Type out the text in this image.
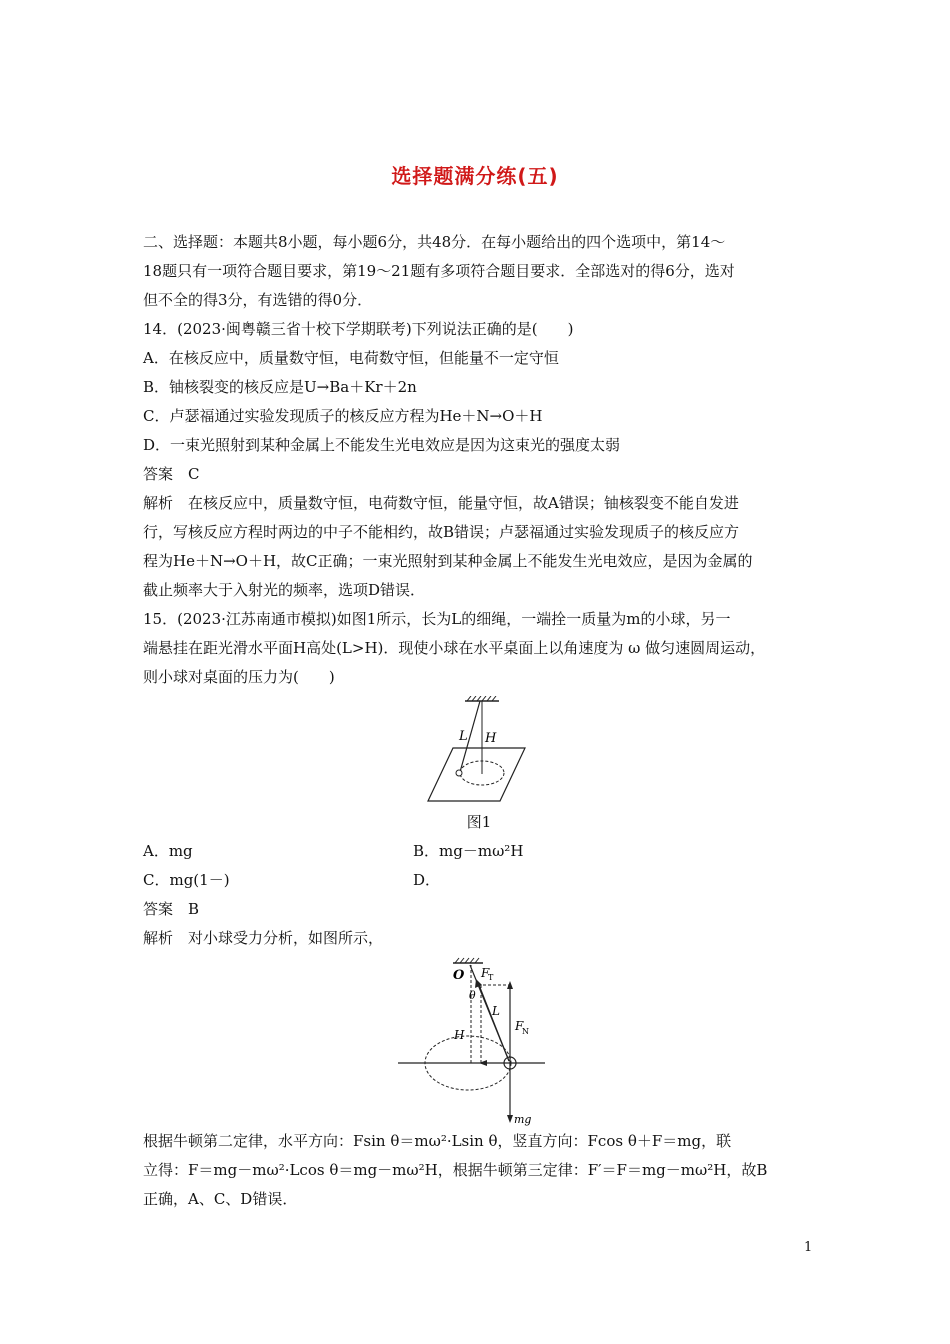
选择题满分练(五)

二、选择题：本题共8小题，每小题6分，共48分．在每小题给出的四个选项中，第14～

18题只有一项符合题目要求，第19～21题有多项符合题目要求．全部选对的得6分，选对

但不全的得3分，有选错的得0分．

14．(2023·闽粤赣三省十校下学期联考)下列说法正确的是(　　)

A．在核反应中，质量数守恒，电荷数守恒，但能量不一定守恒

B．铀核裂变的核反应是U→Ba＋Kr＋2n

C．卢瑟福通过实验发现质子的核反应方程为He＋N→O＋H

D．一束光照射到某种金属上不能发生光电效应是因为这束光的强度太弱

答案　C

解析　在核反应中，质量数守恒，电荷数守恒，能量守恒，故A错误；铀核裂变不能自发进

行，写核反应方程时两边的中子不能相约，故B错误；卢瑟福通过实验发现质子的核反应方

程为He＋N→O＋H，故C正确；一束光照射到某种金属上不能发生光电效应，是因为金属的

截止频率大于入射光的频率，选项D错误．

15．(2023·江苏南通市模拟)如图1所示，长为L的细绳，一端拴一质量为m的小球，另一

端悬挂在距光滑水平面H高处(L>H)．现使小球在水平桌面上以角速度为 ω 做匀速圆周运动，

则小球对桌面的压力为(　　)

L H

图1

A．mg	B．mg－mω²H

C．mg(1－)	D．

答案　B

解析　对小球受力分析，如图所示，

O F
T
θ
L
H
F
N
mg

根据牛顿第二定律，水平方向：Fsin θ＝mω²·Lsin θ，竖直方向：Fcos θ＋F＝mg，联

立得：F＝mg－mω²·Lcos θ＝mg－mω²H，根据牛顿第三定律：F′＝F＝mg－mω²H，故B

正确，A、C、D错误．

1
